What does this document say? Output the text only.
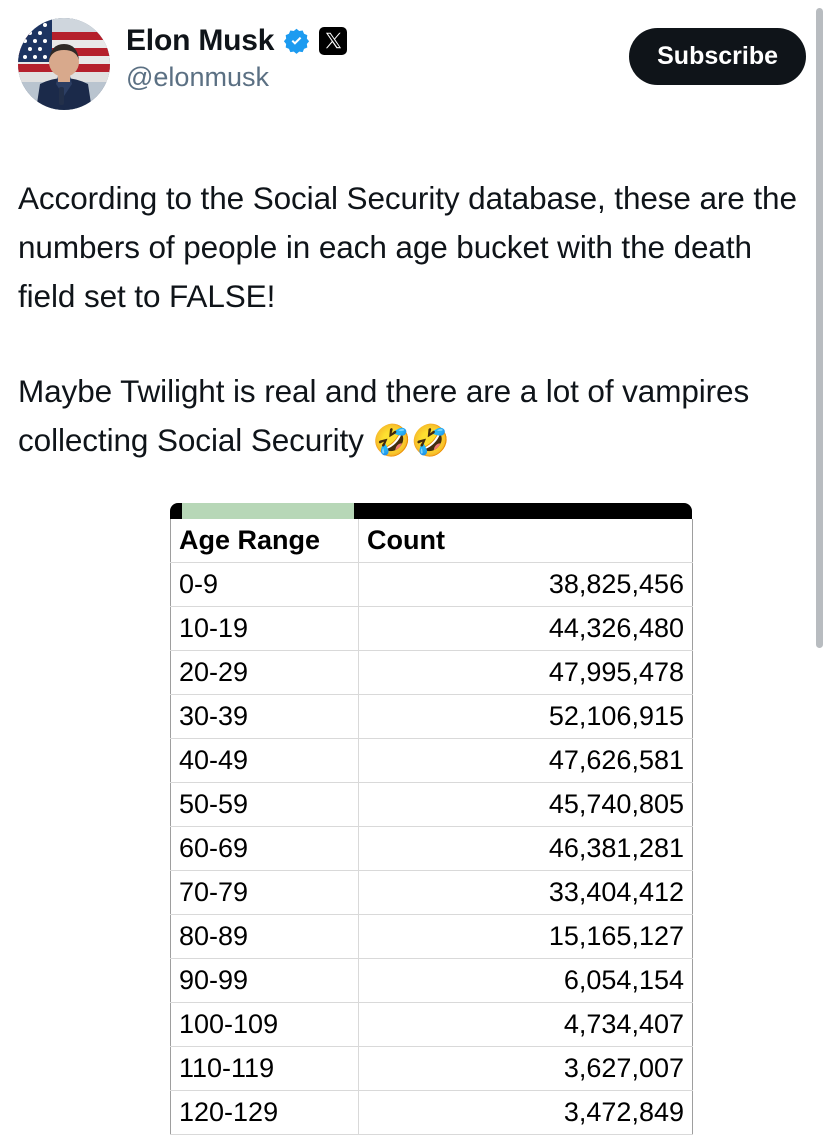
Elon Musk
@elonmusk
Subscribe

According to the Social Security database, these are the numbers of people in each age bucket with the death field set to FALSE!

Maybe Twilight is real and there are a lot of vampires collecting Social Security 🤣🤣

Age Range	Count
0-9	38,825,456
10-19	44,326,480
20-29	47,995,478
30-39	52,106,915
40-49	47,626,581
50-59	45,740,805
60-69	46,381,281
70-79	33,404,412
80-89	15,165,127
90-99	6,054,154
100-109	4,734,407
110-119	3,627,007
120-129	3,472,849
